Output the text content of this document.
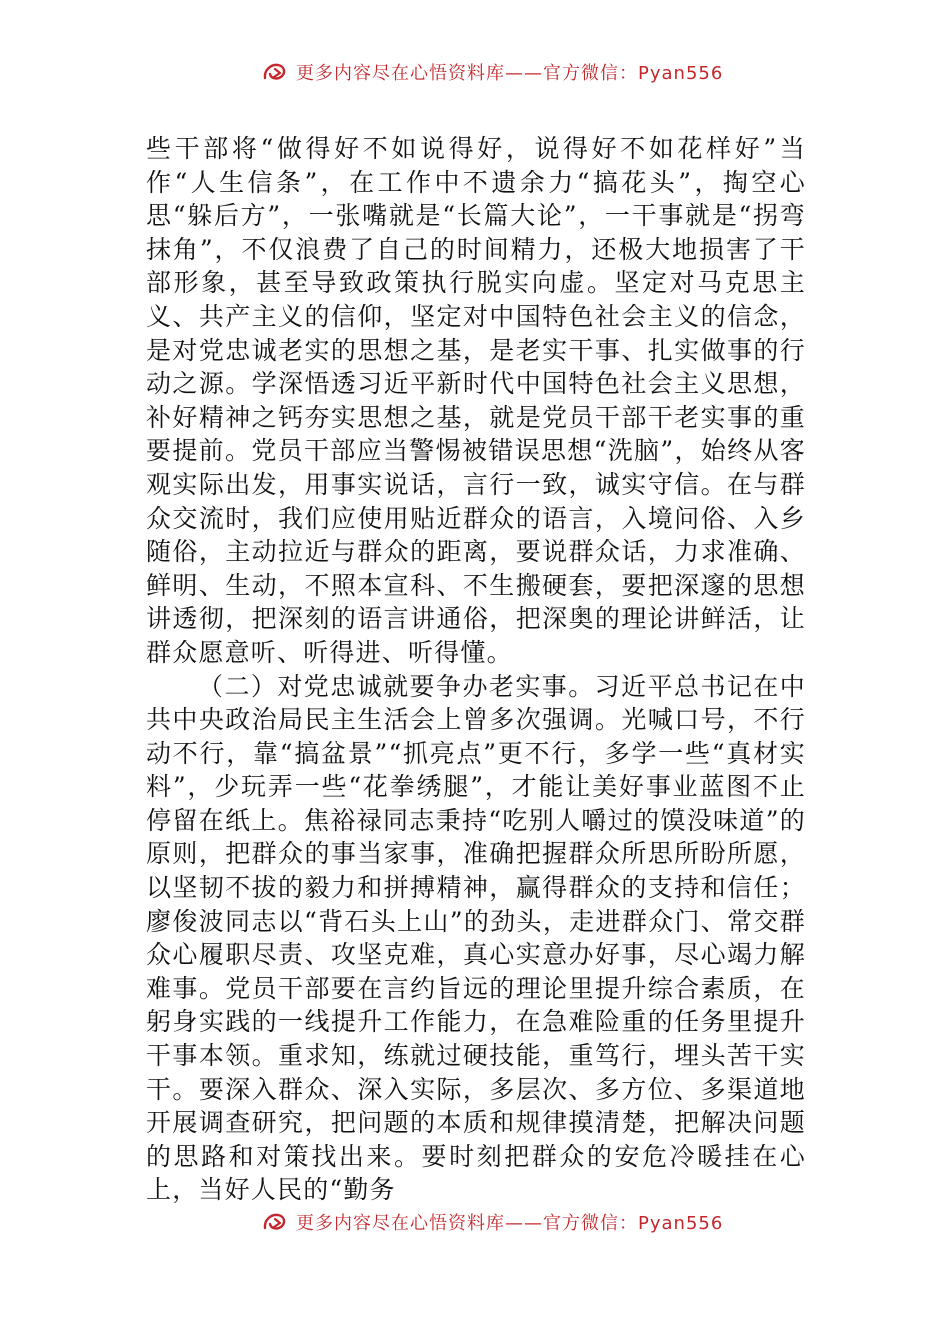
更多内容尽在心悟资料库——官方微信：Pyan556

些干部将“做得好不如说得好，说得好不如花样好”当作“人生信条”，在工作中不遗余力“搞花头”，掏空心思“躲后方”，一张嘴就是“长篇大论”，一干事就是“拐弯抹角”，不仅浪费了自己的时间精力，还极大地损害了干部形象，甚至导致政策执行脱实向虚。坚定对马克思主义、共产主义的信仰，坚定对中国特色社会主义的信念，是对党忠诚老实的思想之基，是老实干事、扎实做事的行动之源。学深悟透习近平新时代中国特色社会主义思想，补好精神之钙夯实思想之基，就是党员干部干老实事的重要提前。党员干部应当警惕被错误思想“洗脑”，始终从客观实际出发，用事实说话，言行一致，诚实守信。在与群众交流时，我们应使用贴近群众的语言，入境问俗、入乡随俗，主动拉近与群众的距离，要说群众话，力求准确、鲜明、生动，不照本宣科、不生搬硬套，要把深邃的思想讲透彻，把深刻的语言讲通俗，把深奥的理论讲鲜活，让群众愿意听、听得进、听得懂。

（二）对党忠诚就要争办老实事。习近平总书记在中共中央政治局民主生活会上曾多次强调。光喊口号，不行动不行，靠“搞盆景”“抓亮点”更不行，多学一些“真材实料”，少玩弄一些“花拳绣腿”，才能让美好事业蓝图不止停留在纸上。焦裕禄同志秉持“吃别人嚼过的馍没味道”的原则，把群众的事当家事，准确把握群众所思所盼所愿，以坚韧不拔的毅力和拼搏精神，赢得群众的支持和信任；廖俊波同志以“背石头上山”的劲头，走进群众门、常交群众心履职尽责、攻坚克难，真心实意办好事，尽心竭力解难事。党员干部要在言约旨远的理论里提升综合素质，在躬身实践的一线提升工作能力，在急难险重的任务里提升干事本领。重求知，练就过硬技能，重笃行，埋头苦干实干。要深入群众、深入实际，多层次、多方位、多渠道地开展调查研究，把问题的本质和规律摸清楚，把解决问题的思路和对策找出来。要时刻把群众的安危冷暖挂在心上，当好人民的“勤务

更多内容尽在心悟资料库——官方微信：Pyan556
